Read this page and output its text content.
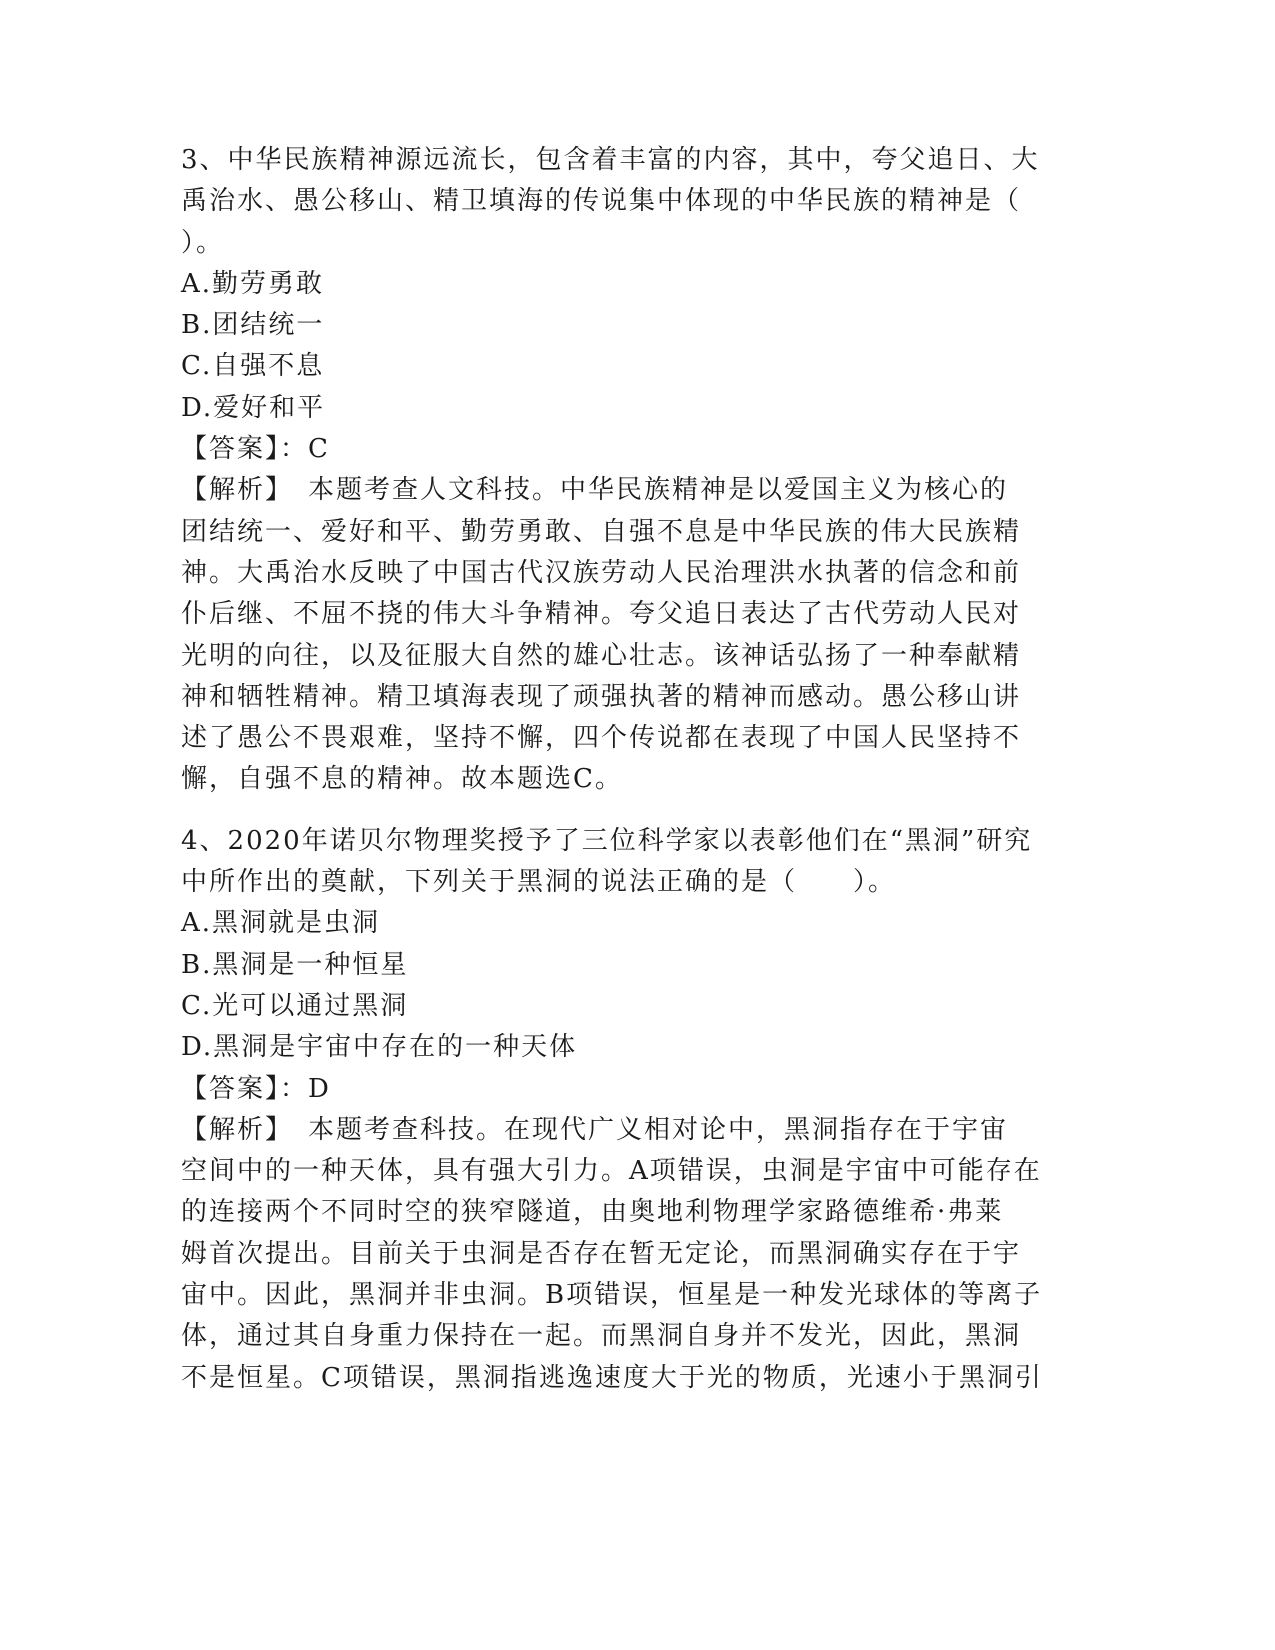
3、中华民族精神源远流长，包含着丰富的内容，其中，夸父追日、大
禹治水、愚公移山、精卫填海的传说集中体现的中华民族的精神是（
）。
A.勤劳勇敢
B.团结统一
C.自强不息
D.爱好和平
【答案】：C
【解析】　本题考查人文科技。中华民族精神是以爱国主义为核心的
团结统一、爱好和平、勤劳勇敢、自强不息是中华民族的伟大民族精
神。大禹治水反映了中国古代汉族劳动人民治理洪水执著的信念和前
仆后继、不屈不挠的伟大斗争精神。夸父追日表达了古代劳动人民对
光明的向往，以及征服大自然的雄心壮志。该神话弘扬了一种奉献精
神和牺牲精神。精卫填海表现了顽强执著的精神而感动。愚公移山讲
述了愚公不畏艰难，坚持不懈，四个传说都在表现了中国人民坚持不
懈，自强不息的精神。故本题选C。
4、2020年诺贝尔物理奖授予了三位科学家以表彰他们在“黑洞”研究
中所作出的奠献，下列关于黑洞的说法正确的是（　　）。
A.黑洞就是虫洞
B.黑洞是一种恒星
C.光可以通过黑洞
D.黑洞是宇宙中存在的一种天体
【答案】：D
【解析】　本题考查科技。在现代广义相对论中，黑洞指存在于宇宙
空间中的一种天体，具有强大引力。A项错误，虫洞是宇宙中可能存在
的连接两个不同时空的狭窄隧道，由奥地利物理学家路德维希·弗莱
姆首次提出。目前关于虫洞是否存在暂无定论，而黑洞确实存在于宇
宙中。因此，黑洞并非虫洞。B项错误，恒星是一种发光球体的等离子
体，通过其自身重力保持在一起。而黑洞自身并不发光，因此，黑洞
不是恒星。C项错误，黑洞指逃逸速度大于光的物质，光速小于黑洞引
